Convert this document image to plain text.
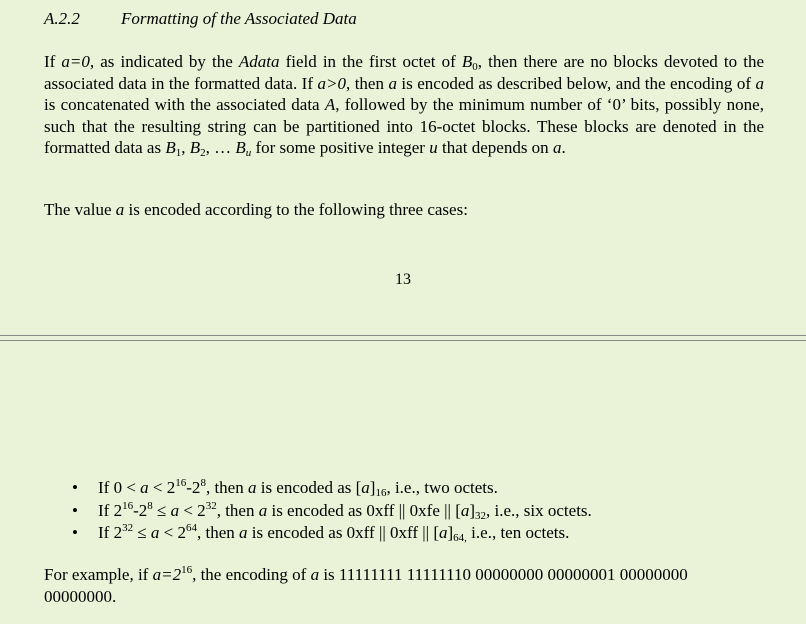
A.2.2 Formatting of the Associated Data
If a=0, as indicated by the Adata field in the first octet of $B_0$, then there are no blocks devoted to the associated data in the formatted data. If a>0, then a is encoded as described below, and the encoding of a is concatenated with the associated data A, followed by the minimum number of ‘0’ bits, possibly none, such that the resulting string can be partitioned into 16-octet blocks. These blocks are denoted in the formatted data as $B_1$, $B_2$, … $B_u$ for some positive integer u that depends on a.
The value a is encoded according to the following three cases:
13
• If $0 < a < 2^{16}-2^8$, then a is encoded as $[a]_{16}$, i.e., two octets.
• If $2^{16}-2^8 \le a < 2^{32}$, then a is encoded as 0xff || 0xfe || $[a]_{32}$, i.e., six octets.
• If $2^{32} \le a < 2^{64}$, then a is encoded as 0xff || 0xff || $[a]_{64,}$ i.e., ten octets.
For example, if $a=2^{16}$, the encoding of a is 11111111 11111110 00000000 00000001 00000000 00000000.
